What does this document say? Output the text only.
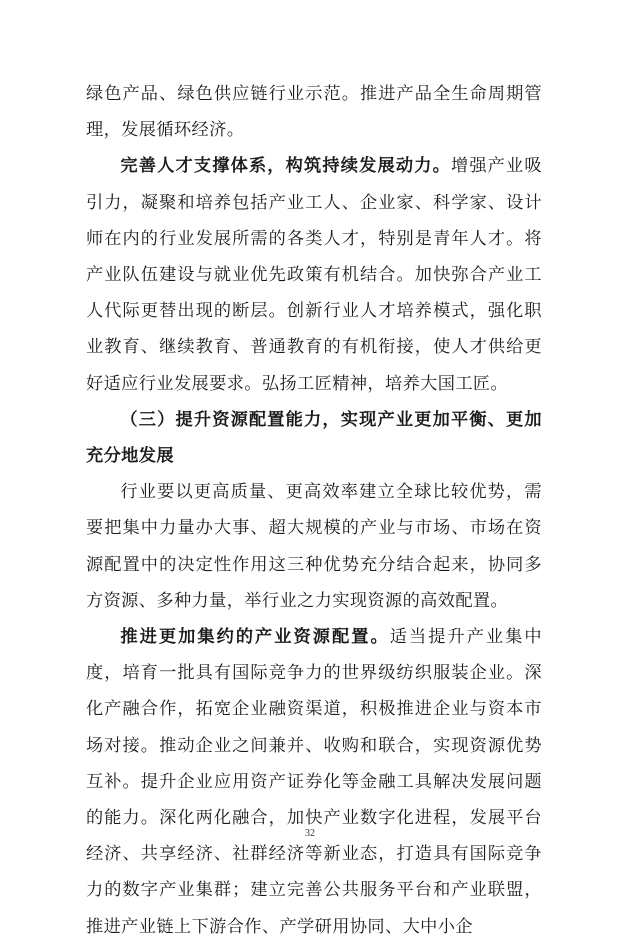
绿色产品、绿色供应链行业示范。推进产品全生命周期管理，发展循环经济。

完善人才支撑体系，构筑持续发展动力。增强产业吸引力，凝聚和培养包括产业工人、企业家、科学家、设计师在内的行业发展所需的各类人才，特别是青年人才。将产业队伍建设与就业优先政策有机结合。加快弥合产业工人代际更替出现的断层。创新行业人才培养模式，强化职业教育、继续教育、普通教育的有机衔接，使人才供给更好适应行业发展要求。弘扬工匠精神，培养大国工匠。

（三）提升资源配置能力，实现产业更加平衡、更加充分地发展

行业要以更高质量、更高效率建立全球比较优势，需要把集中力量办大事、超大规模的产业与市场、市场在资源配置中的决定性作用这三种优势充分结合起来，协同多方资源、多种力量，举行业之力实现资源的高效配置。

推进更加集约的产业资源配置。适当提升产业集中度，培育一批具有国际竞争力的世界级纺织服装企业。深化产融合作，拓宽企业融资渠道，积极推进企业与资本市场对接。推动企业之间兼并、收购和联合，实现资源优势互补。提升企业应用资产证券化等金融工具解决发展问题的能力。深化两化融合，加快产业数字化进程，发展平台经济、共享经济、社群经济等新业态，打造具有国际竞争力的数字产业集群；建立完善公共服务平台和产业联盟，推进产业链上下游合作、产学研用协同、大中小企

32
